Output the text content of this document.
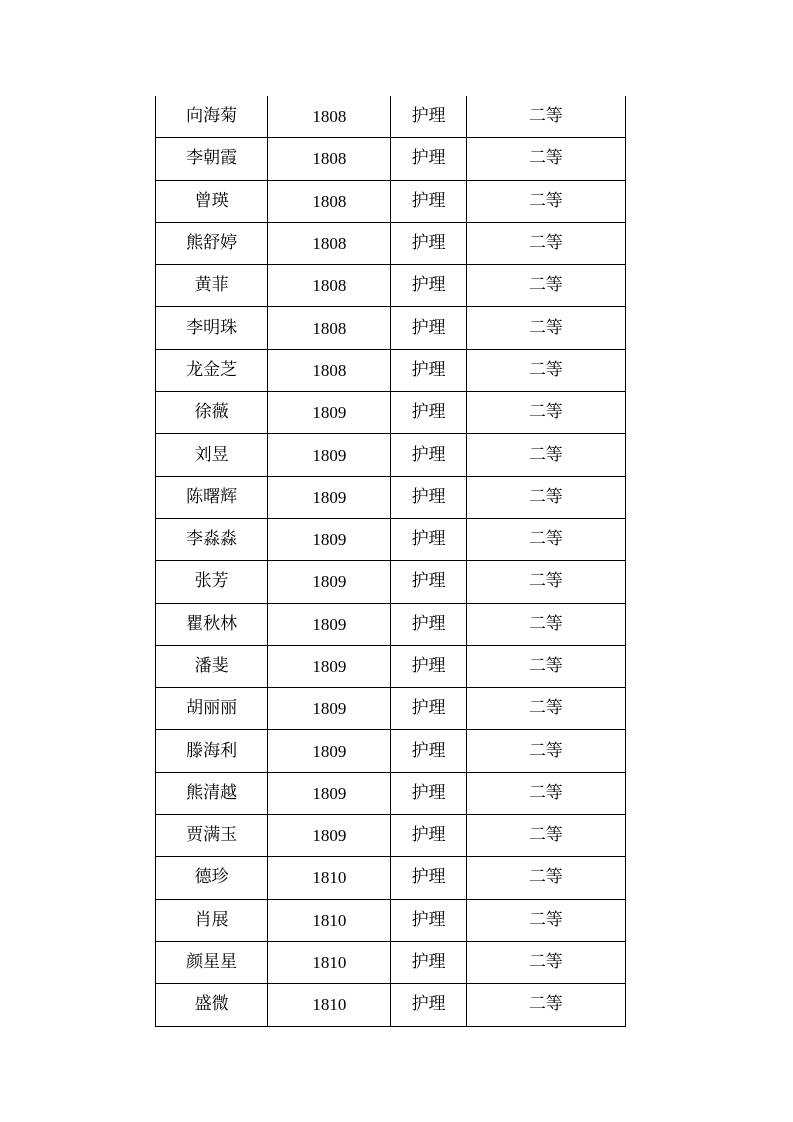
向海菊	1808	护理	二等
李朝霞	1808	护理	二等
曾瑛	1808	护理	二等
熊舒婷	1808	护理	二等
黄菲	1808	护理	二等
李明珠	1808	护理	二等
龙金芝	1808	护理	二等
徐薇	1809	护理	二等
刘昱	1809	护理	二等
陈曙辉	1809	护理	二等
李淼淼	1809	护理	二等
张芳	1809	护理	二等
瞿秋林	1809	护理	二等
潘斐	1809	护理	二等
胡丽丽	1809	护理	二等
滕海利	1809	护理	二等
熊清越	1809	护理	二等
贾满玉	1809	护理	二等
德珍	1810	护理	二等
肖展	1810	护理	二等
颜星星	1810	护理	二等
盛微	1810	护理	二等
